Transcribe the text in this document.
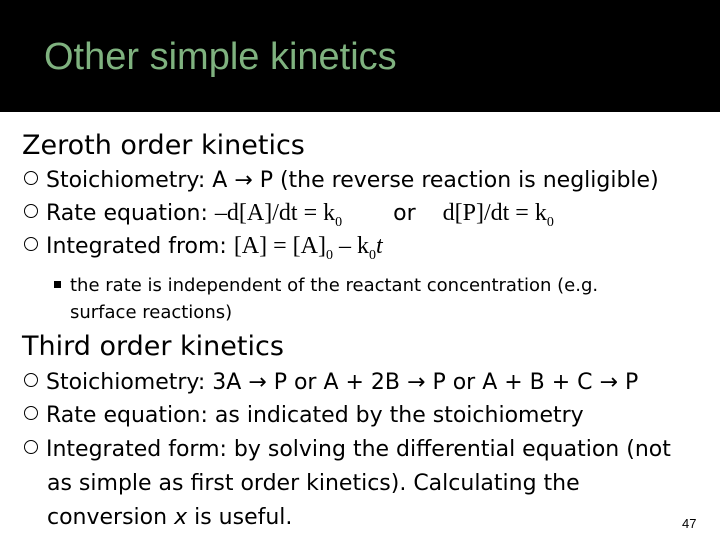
Other simple kinetics
Zeroth order kinetics
Stoichiometry: A → P (the reverse reaction is negligible)
Rate equation: $-d[A]/dt = k_0$ or $d[P]/dt = k_0$
Integrated from: $[A] = [A]_0 - k_0t$
the rate is independent of the reactant concentration (e.g. surface reactions)
Third order kinetics
Stoichiometry: 3A → P or A + 2B → P or A + B + C → P
Rate equation: as indicated by the stoichiometry
Integrated form: by solving the differential equation (not
as simple as first order kinetics). Calculating the
conversion x is useful.	47
